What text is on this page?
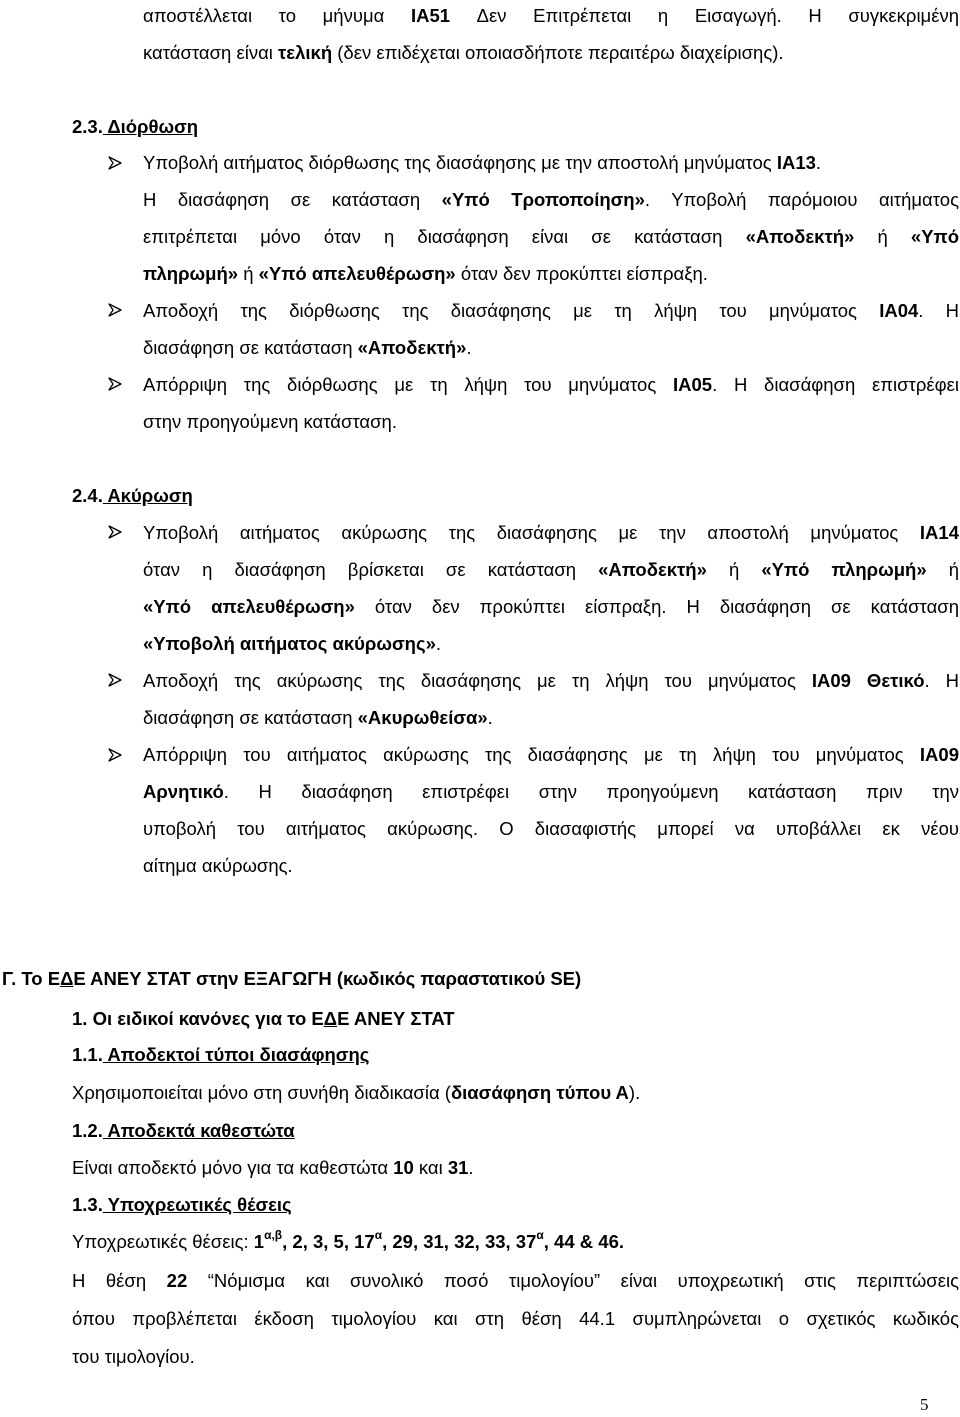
αποστέλλεται το μήνυμα IA51 Δεν Επιτρέπεται η Εισαγωγή. Η συγκεκριμένη
κατάσταση είναι τελική (δεν επιδέχεται οποιασδήποτε περαιτέρω διαχείρισης).
2.3. Διόρθωση
Υποβολή αιτήματος διόρθωσης της διασάφησης με την αποστολή μηνύματος IA13.
Η διασάφηση σε κατάσταση «Υπό Τροποποίηση». Υποβολή παρόμοιου αιτήματος
επιτρέπεται μόνο όταν η διασάφηση είναι σε κατάσταση «Αποδεκτή» ή «Υπό
πληρωμή» ή «Υπό απελευθέρωση» όταν δεν προκύπτει είσπραξη.
Αποδοχή της διόρθωσης της διασάφησης με τη λήψη του μηνύματος IA04. Η
διασάφηση σε κατάσταση «Αποδεκτή».
Απόρριψη της διόρθωσης με τη λήψη του μηνύματος IA05. Η διασάφηση επιστρέφει
στην προηγούμενη κατάσταση.
2.4. Ακύρωση
Υποβολή αιτήματος ακύρωσης της διασάφησης με την αποστολή μηνύματος IA14
όταν η διασάφηση βρίσκεται σε κατάσταση «Αποδεκτή» ή «Υπό πληρωμή» ή
«Υπό απελευθέρωση» όταν δεν προκύπτει είσπραξη. Η διασάφηση σε κατάσταση
«Υποβολή αιτήματος ακύρωσης».
Αποδοχή της ακύρωσης της διασάφησης με τη λήψη του μηνύματος IA09 Θετικό. Η
διασάφηση σε κατάσταση «Ακυρωθείσα».
Απόρριψη του αιτήματος ακύρωσης της διασάφησης με τη λήψη του μηνύματος IA09
Αρνητικό. Η διασάφηση επιστρέφει στην προηγούμενη κατάσταση πριν την
υποβολή του αιτήματος ακύρωσης. Ο διασαφιστής μπορεί να υποβάλλει εκ νέου
αίτημα ακύρωσης.
Γ. Το ΕΔΕ ΑΝΕΥ ΣΤΑΤ στην ΕΞΑΓΩΓΗ (κωδικός παραστατικού SE)
1. Οι ειδικοί κανόνες για το ΕΔΕ ΑΝΕΥ ΣΤΑΤ
1.1. Αποδεκτοί τύποι διασάφησης
Χρησιμοποιείται μόνο στη συνήθη διαδικασία (διασάφηση τύπου Α).
1.2. Αποδεκτά καθεστώτα
Είναι αποδεκτό μόνο για τα καθεστώτα 10 και 31.
1.3. Υποχρεωτικές θέσεις
Υποχρεωτικές θέσεις: $1^{\alpha,\beta}$, 2, 3, 5, $17^\alpha$, 29, 31, 32, 33, $37^\alpha$, 44 & 46.
Η θέση 22 “Νόμισμα και συνολικό ποσό τιμολογίου” είναι υποχρεωτική στις περιπτώσεις
όπου προβλέπεται έκδοση τιμολογίου και στη θέση 44.1 συμπληρώνεται ο σχετικός κωδικός
του τιμολογίου.
5
